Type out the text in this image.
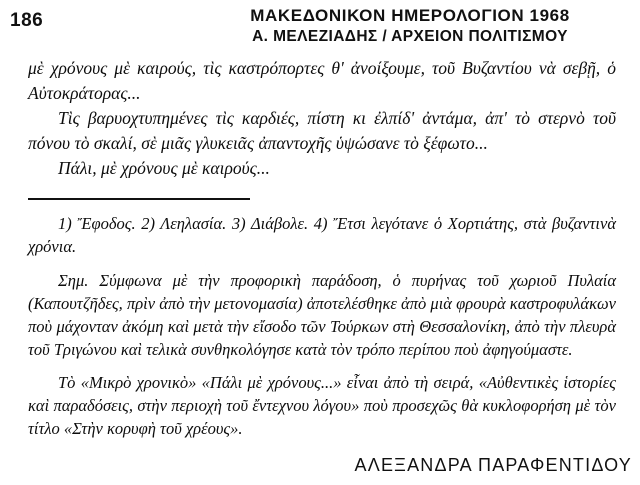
186	ΜΑΚΕΔΟΝΙΚΟΝ ΗΜΕΡΟΛΟΓΙΟΝ 1968
Α. ΜΕΛΕΖΙΑΔΗΣ / ΑΡΧΕΙΟΝ ΠΟΛΙΤΙΣΜΟΥ

μὲ χρόνους μὲ καιρούς, τὶς καστρόπορτες θ' ἀνοίξουμε, τοῦ Βυζαντίου νὰ σεβῇ, ὁ Αὐτοκράτορας...

Τὶς βαρυοχτυπημένες τὶς καρδιές, πίστη κι ἐλπίδ' ἀντάμα, ἀπ' τὸ στερνὸ τοῦ πόνου τὸ σκαλί, σὲ μιᾶς γλυκειᾶς ἀπαντοχῆς ὑψώσανε τὸ ξέφωτο...

Πάλι, μὲ χρόνους μὲ καιρούς...

1) Ἔφοδος. 2) Λεηλασία. 3) Διάβολε. 4) Ἔτσι λεγότανε ὁ Χορτιάτης, στὰ βυζαντινὰ χρόνια.

Σημ. Σύμφωνα μὲ τὴν προφορικὴ παράδοση, ὁ πυρήνας τοῦ χωριοῦ Πυλαία (Καπουτζῆδες, πρὶν ἀπὸ τὴν μετονομασία) ἀποτελέσθηκε ἀπὸ μιὰ φρουρὰ καστροφυλάκων ποὺ μάχονταν ἀκόμη καὶ μετὰ τὴν εἴσοδο τῶν Τούρκων στὴ Θεσσαλονίκη, ἀπὸ τὴν πλευρὰ τοῦ Τριγώνου καὶ τελικὰ συνθηκολόγησε κατὰ τὸν τρόπο περίπου ποὺ ἀφηγούμαστε.

Τὸ «Μικρὸ χρονικὸ» «Πάλι μὲ χρόνους...» εἶναι ἀπὸ τὴ σειρά, «Αὐθεντικὲς ἱστορίες καὶ παραδόσεις, στὴν περιοχὴ τοῦ ἔντεχνου λόγου» ποὺ προσεχῶς θὰ κυκλοφορήση μὲ τὸν τίτλο «Στὴν κορυφὴ τοῦ χρέους».

ΑΛΕΞΑΝΔΡΑ ΠΑΡΑΦΕΝΤΙΔΟΥ
